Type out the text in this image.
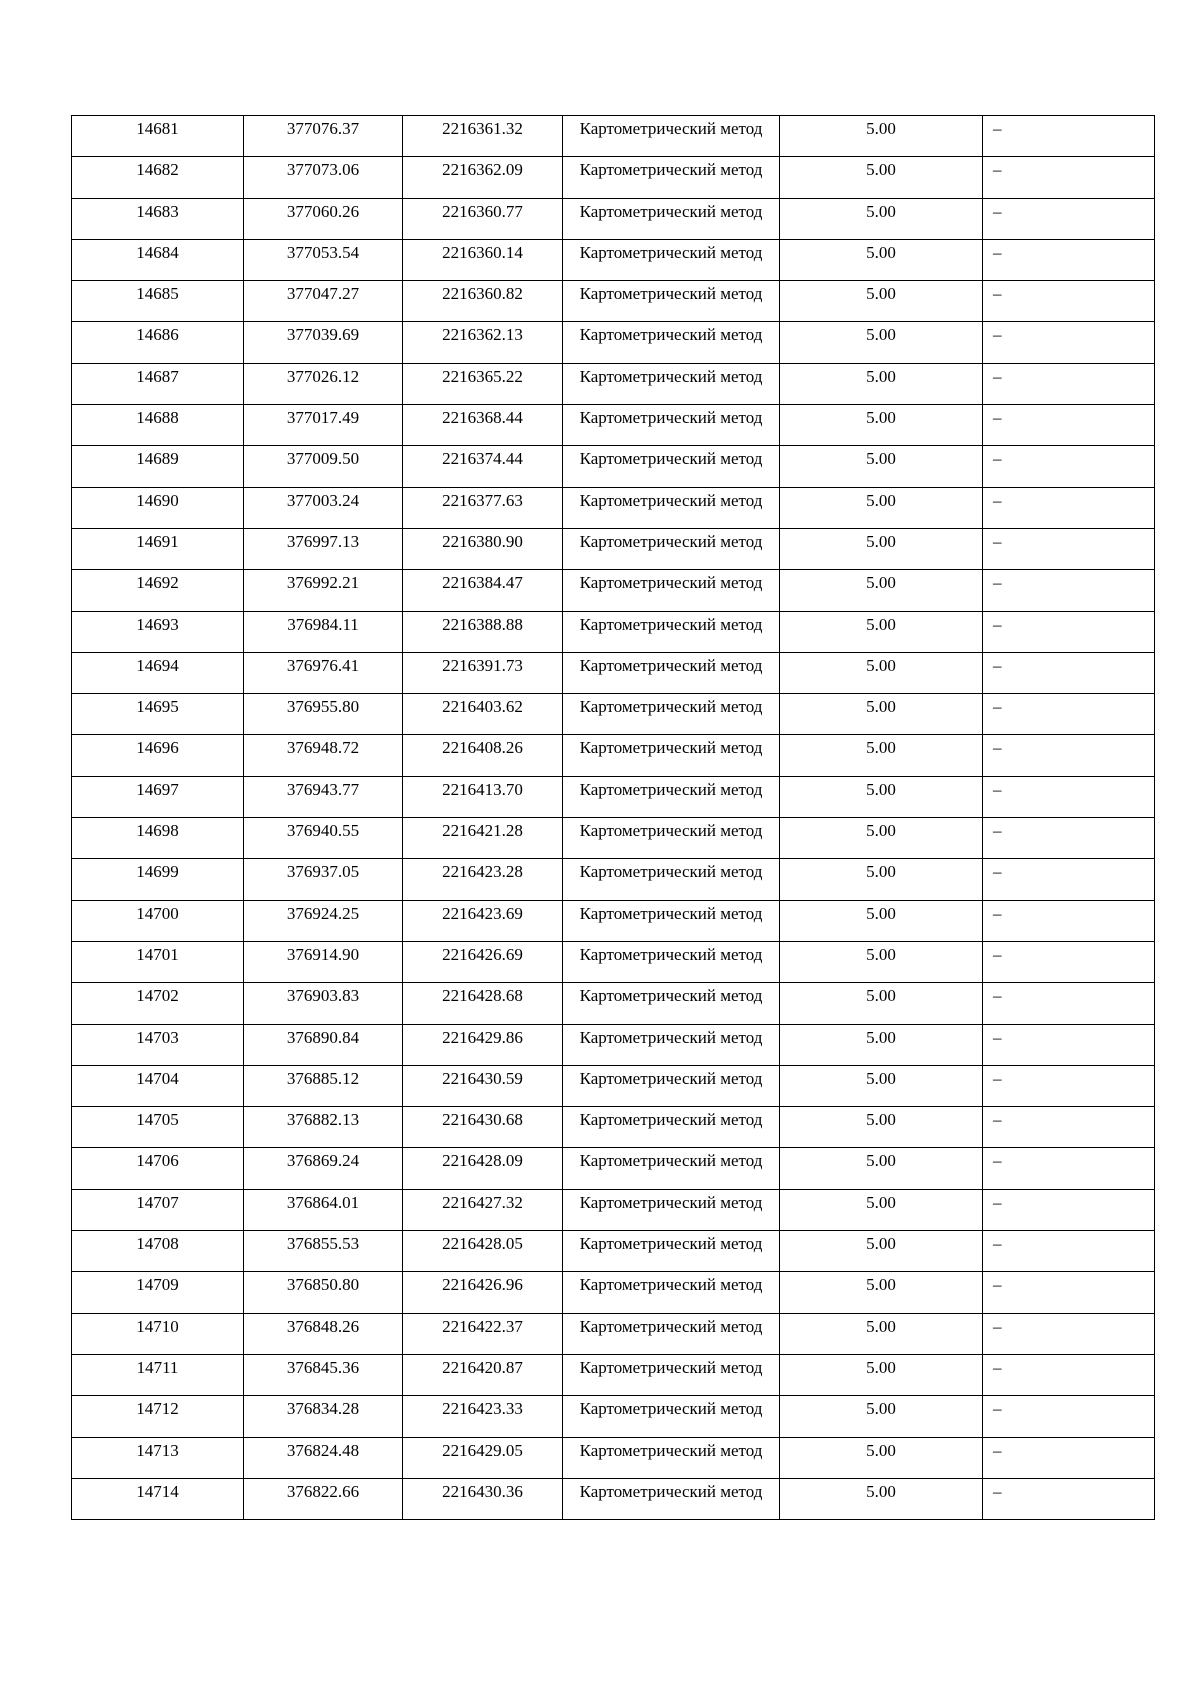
14681	377076.37	2216361.32	Картометрический метод	5.00	–
14682	377073.06	2216362.09	Картометрический метод	5.00	–
14683	377060.26	2216360.77	Картометрический метод	5.00	–
14684	377053.54	2216360.14	Картометрический метод	5.00	–
14685	377047.27	2216360.82	Картометрический метод	5.00	–
14686	377039.69	2216362.13	Картометрический метод	5.00	–
14687	377026.12	2216365.22	Картометрический метод	5.00	–
14688	377017.49	2216368.44	Картометрический метод	5.00	–
14689	377009.50	2216374.44	Картометрический метод	5.00	–
14690	377003.24	2216377.63	Картометрический метод	5.00	–
14691	376997.13	2216380.90	Картометрический метод	5.00	–
14692	376992.21	2216384.47	Картометрический метод	5.00	–
14693	376984.11	2216388.88	Картометрический метод	5.00	–
14694	376976.41	2216391.73	Картометрический метод	5.00	–
14695	376955.80	2216403.62	Картометрический метод	5.00	–
14696	376948.72	2216408.26	Картометрический метод	5.00	–
14697	376943.77	2216413.70	Картометрический метод	5.00	–
14698	376940.55	2216421.28	Картометрический метод	5.00	–
14699	376937.05	2216423.28	Картометрический метод	5.00	–
14700	376924.25	2216423.69	Картометрический метод	5.00	–
14701	376914.90	2216426.69	Картометрический метод	5.00	–
14702	376903.83	2216428.68	Картометрический метод	5.00	–
14703	376890.84	2216429.86	Картометрический метод	5.00	–
14704	376885.12	2216430.59	Картометрический метод	5.00	–
14705	376882.13	2216430.68	Картометрический метод	5.00	–
14706	376869.24	2216428.09	Картометрический метод	5.00	–
14707	376864.01	2216427.32	Картометрический метод	5.00	–
14708	376855.53	2216428.05	Картометрический метод	5.00	–
14709	376850.80	2216426.96	Картометрический метод	5.00	–
14710	376848.26	2216422.37	Картометрический метод	5.00	–
14711	376845.36	2216420.87	Картометрический метод	5.00	–
14712	376834.28	2216423.33	Картометрический метод	5.00	–
14713	376824.48	2216429.05	Картометрический метод	5.00	–
14714	376822.66	2216430.36	Картометрический метод	5.00	–
